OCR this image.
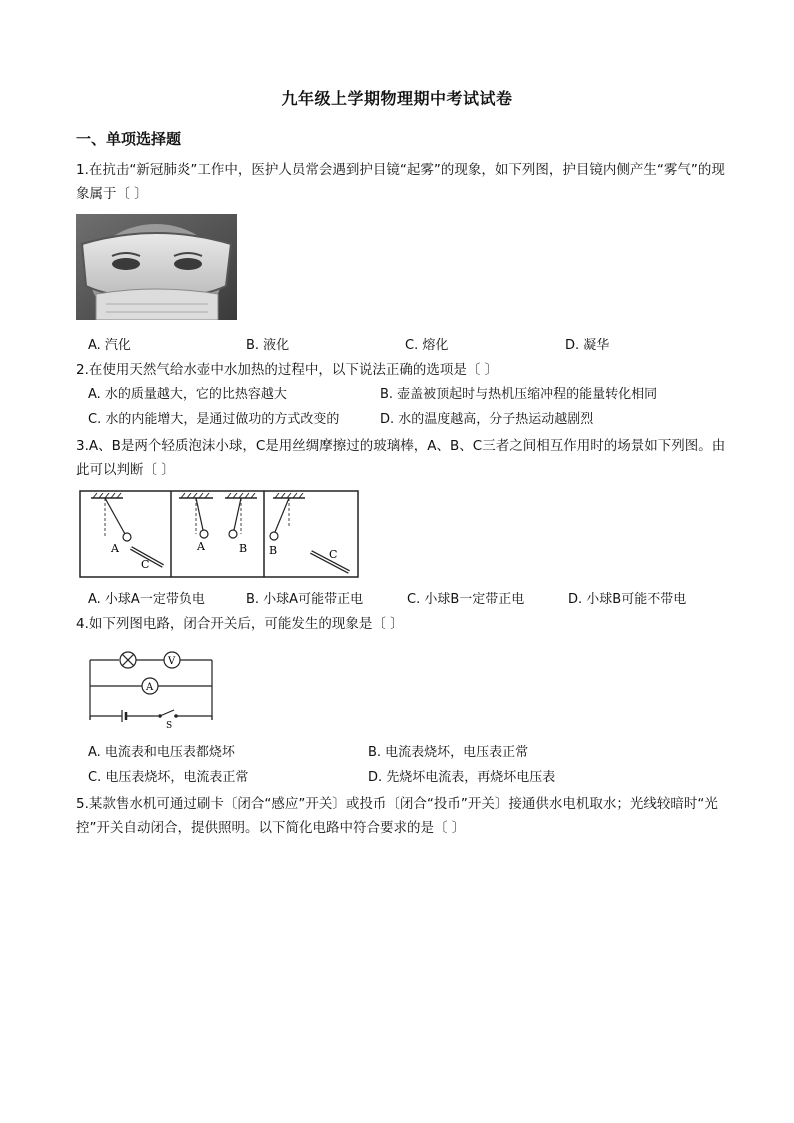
九年级上学期物理期中考试试卷
一、单项选择题
1.在抗击“新冠肺炎”工作中，医护人员常会遇到护目镜“起雾”的现象，如下列图，护目镜内侧产生“雾气”的现象属于〔 〕
A. 汽化	B. 液化	C. 熔化	D. 凝华
2.在使用天然气给水壶中水加热的过程中，以下说法正确的选项是〔 〕
A. 水的质量越大，它的比热容越大	B. 壶盖被顶起时与热机压缩冲程的能量转化相同
C. 水的内能增大，是通过做功的方式改变的	D. 水的温度越高，分子热运动越剧烈
3.A、B是两个轻质泡沫小球，C是用丝绸摩擦过的玻璃棒，A、B、C三者之间相互作用时的场景如下列图。由此可以判断〔 〕
A
C
A	B B	C
A. 小球A一定带负电	B. 小球A可能带正电	C. 小球B一定带正电	D. 小球B可能不带电
4.如下列图电路，闭合开关后，可能发生的现象是〔 〕
V
A
S
A. 电流表和电压表都烧坏	B. 电流表烧坏，电压表正常
C. 电压表烧坏，电流表正常	D. 先烧坏电流表，再烧坏电压表
5.某款售水机可通过刷卡〔闭合“感应”开关〕或投币〔闭合“投币”开关〕接通供水电机取水；光线较暗时“光控”开关自动闭合，提供照明。以下简化电路中符合要求的是〔 〕
